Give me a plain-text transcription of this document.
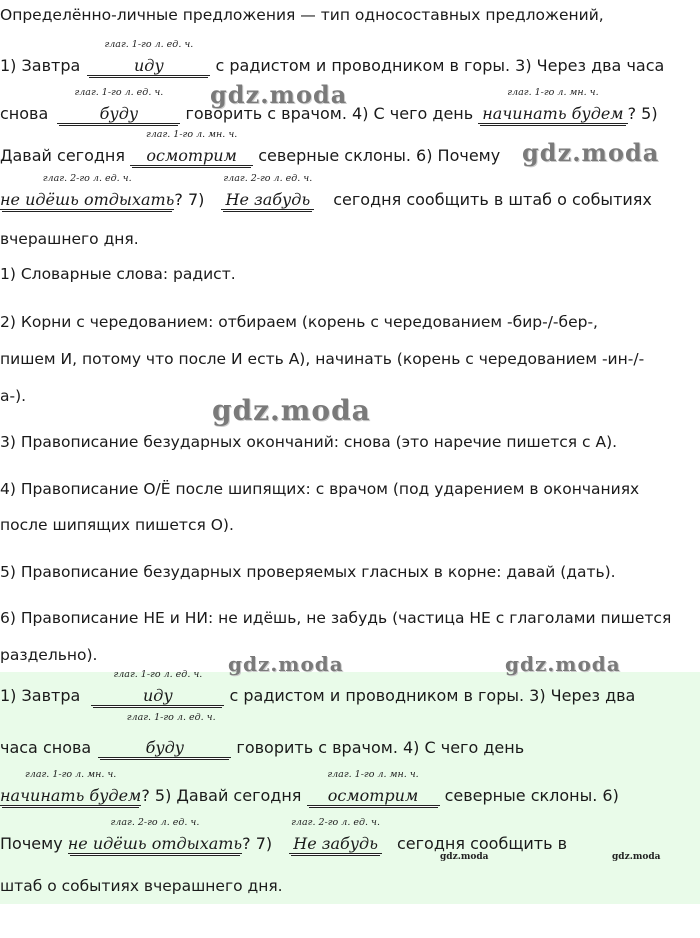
Определённо-личные предложения — тип односоставных предложений,
1) Завтра
глаг. 1-го л. ед. ч.
иду	с радистом и проводником в горы. 3) Через два часа
снова
глаг. 1-го л. ед. ч.
буду	говорить с врачом. 4) С чего день
глаг. 1-го л. мн. ч.
начинать будем ? 5)
Давай сегодня
глаг. 1-го л. мн. ч.
осмотрим северные склоны. 6) Почему
глаг. 2-го л. ед. ч.
не идёшь отдыхать? 7)
глаг. 2-го л. ед. ч.
Не забудь сегодня сообщить в штаб о событиях
вчерашнего дня.
1) Словарные слова: радист.
2) Корни с чередованием: отбираем (корень с чередованием -бир-/-бер-,
пишем И, потому что после И есть А), начинать (корень с чередованием -ин-/-
а-).
3) Правописание безударных окончаний: снова (это наречие пишется с А).
4) Правописание О/Ё после шипящих: с врачом (под ударением в окончаниях
после шипящих пишется О).
5) Правописание безударных проверяемых гласных в корне: давай (дать).
6) Правописание НЕ и НИ: не идёшь, не забудь (частица НЕ с глаголами пишется
раздельно).
1) Завтра
глаг. 1-го л. ед. ч.
иду
глаг. 1-го л. ед. ч.
с радистом и проводником в горы. 3) Через два
часа снова	буду	говорить с врачом. 4) С чего день
глаг. 1-го л. мн. ч.
начинать будем? 5) Давай сегодня
глаг. 1-го л. мн. ч.
осмотрим северные склоны. 6)
Почему
глаг. 2-го л. ед. ч.
не идёшь отдыхать? 7)
глаг. 2-го л. ед. ч.
Не забудь сегодня сообщить в
штаб о событиях вчерашнего дня.
gdz.moda
gdz.moda
gdz.moda
gdz.moda	gdz.moda
gdz.moda	gdz.moda
